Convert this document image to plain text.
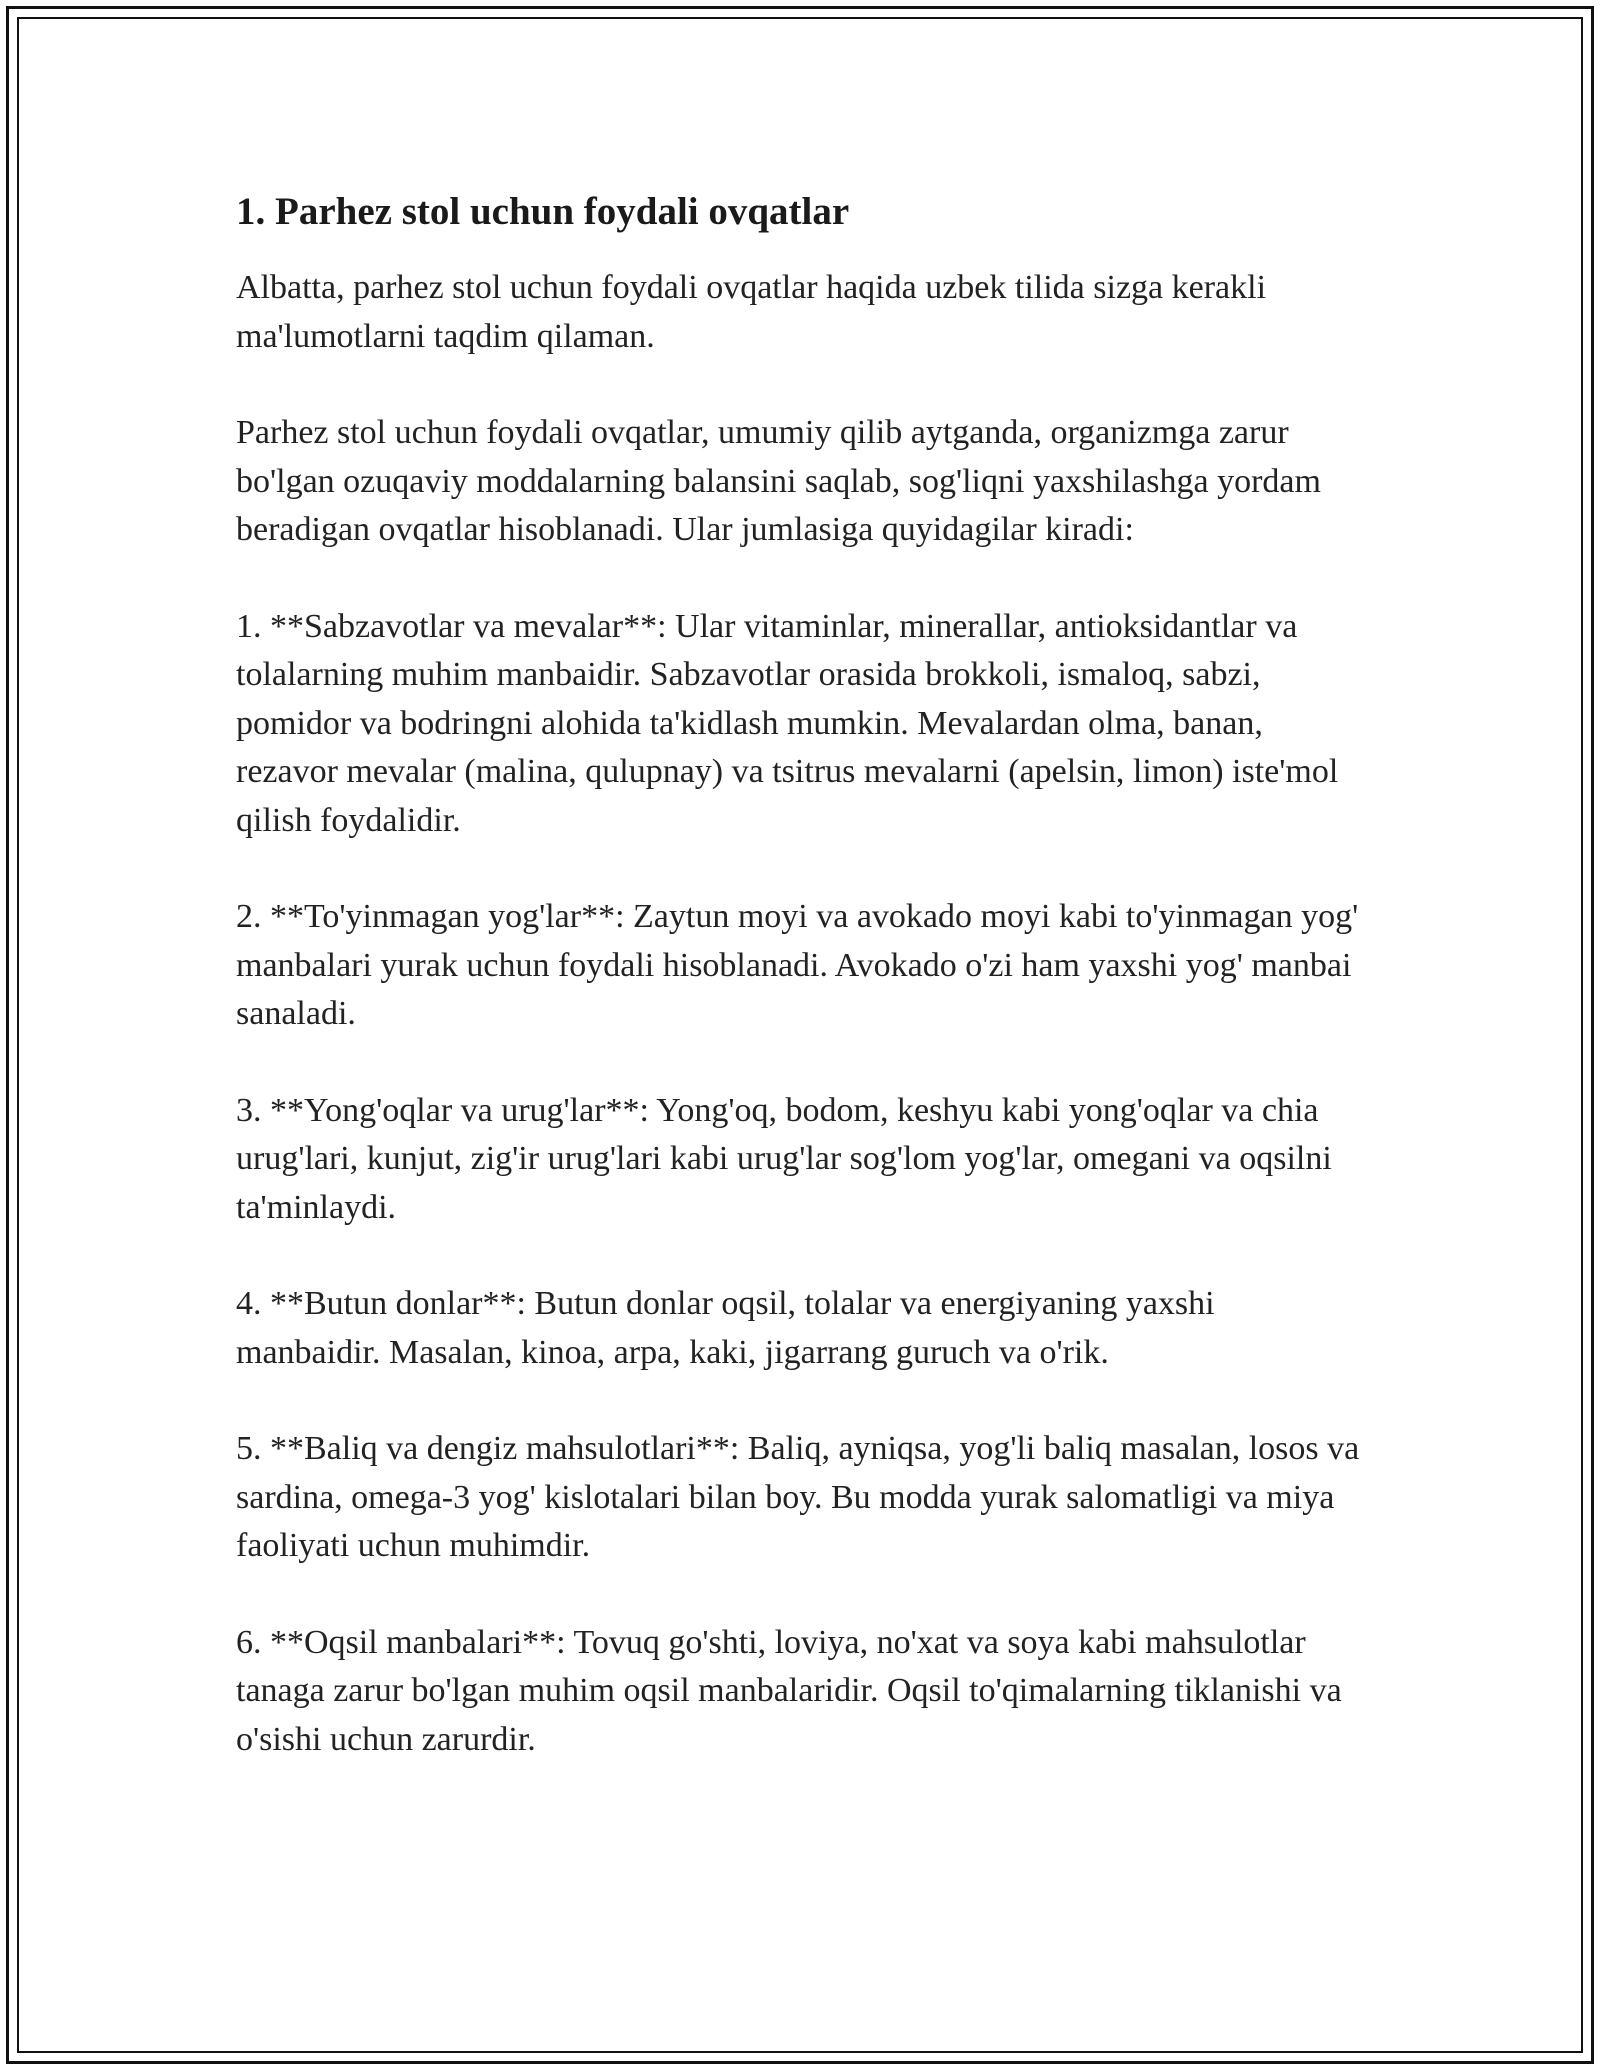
1. Parhez stol uchun foydali ovqatlar

Albatta, parhez stol uchun foydali ovqatlar haqida uzbek tilida sizga kerakli ma'lumotlarni taqdim qilaman.

Parhez stol uchun foydali ovqatlar, umumiy qilib aytganda, organizmga zarur bo'lgan ozuqaviy moddalarning balansini saqlab, sog'liqni yaxshilashga yordam beradigan ovqatlar hisoblanadi. Ular jumlasiga quyidagilar kiradi:

1. **Sabzavotlar va mevalar**: Ular vitaminlar, minerallar, antioksidantlar va tolalarning muhim manbaidir. Sabzavotlar orasida brokkoli, ismaloq, sabzi, pomidor va bodringni alohida ta'kidlash mumkin. Mevalardan olma, banan, rezavor mevalar (malina, qulupnay) va tsitrus mevalarni (apelsin, limon) iste'mol qilish foydalidir.

2. **To'yinmagan yog'lar**: Zaytun moyi va avokado moyi kabi to'yinmagan yog' manbalari yurak uchun foydali hisoblanadi. Avokado o'zi ham yaxshi yog' manbai sanaladi.

3. **Yong'oqlar va urug'lar**: Yong'oq, bodom, keshyu kabi yong'oqlar va chia urug'lari, kunjut, zig'ir urug'lari kabi urug'lar sog'lom yog'lar, omegani va oqsilni ta'minlaydi.

4. **Butun donlar**: Butun donlar oqsil, tolalar va energiyaning yaxshi manbaidir. Masalan, kinoa, arpa, kaki, jigarrang guruch va o'rik.

5. **Baliq va dengiz mahsulotlari**: Baliq, ayniqsa, yog'li baliq masalan, losos va sardina, omega-3 yog' kislotalari bilan boy. Bu modda yurak salomatligi va miya faoliyati uchun muhimdir.

6. **Oqsil manbalari**: Tovuq go'shti, loviya, no'xat va soya kabi mahsulotlar tanaga zarur bo'lgan muhim oqsil manbalaridir. Oqsil to'qimalarning tiklanishi va o'sishi uchun zarurdir.
